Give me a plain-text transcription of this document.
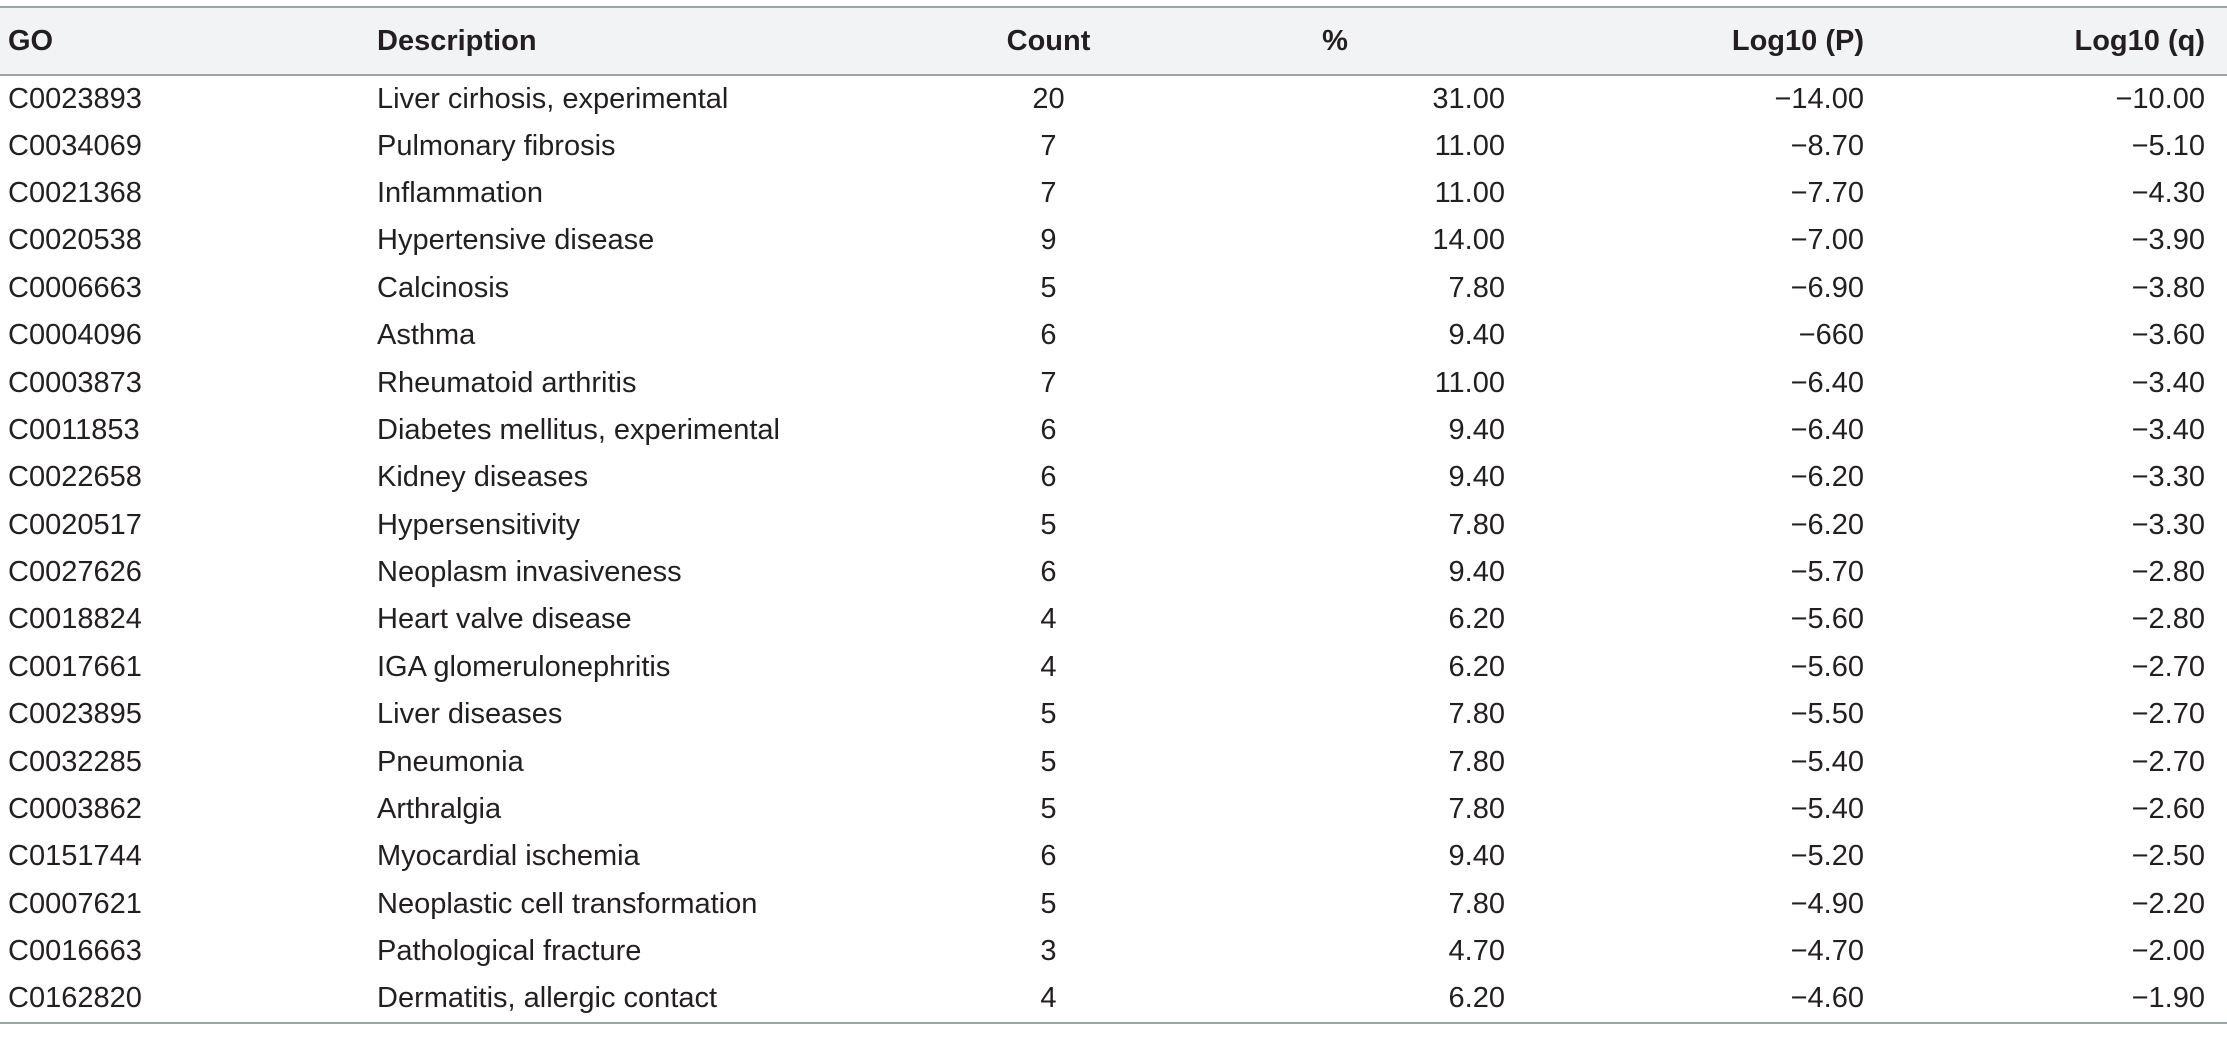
GO	Description	Count	%	Log10 (P)	Log10 (q)
C0023893	Liver cirhosis, experimental	20	31.00	−14.00	−10.00
C0034069	Pulmonary fibrosis	7	11.00	−8.70	−5.10
C0021368	Inflammation	7	11.00	−7.70	−4.30
C0020538	Hypertensive disease	9	14.00	−7.00	−3.90
C0006663	Calcinosis	5	7.80	−6.90	−3.80
C0004096	Asthma	6	9.40	−660	−3.60
C0003873	Rheumatoid arthritis	7	11.00	−6.40	−3.40
C0011853	Diabetes mellitus, experimental	6	9.40	−6.40	−3.40
C0022658	Kidney diseases	6	9.40	−6.20	−3.30
C0020517	Hypersensitivity	5	7.80	−6.20	−3.30
C0027626	Neoplasm invasiveness	6	9.40	−5.70	−2.80
C0018824	Heart valve disease	4	6.20	−5.60	−2.80
C0017661	IGA glomerulonephritis	4	6.20	−5.60	−2.70
C0023895	Liver diseases	5	7.80	−5.50	−2.70
C0032285	Pneumonia	5	7.80	−5.40	−2.70
C0003862	Arthralgia	5	7.80	−5.40	−2.60
C0151744	Myocardial ischemia	6	9.40	−5.20	−2.50
C0007621	Neoplastic cell transformation	5	7.80	−4.90	−2.20
C0016663	Pathological fracture	3	4.70	−4.70	−2.00
C0162820	Dermatitis, allergic contact	4	6.20	−4.60	−1.90
